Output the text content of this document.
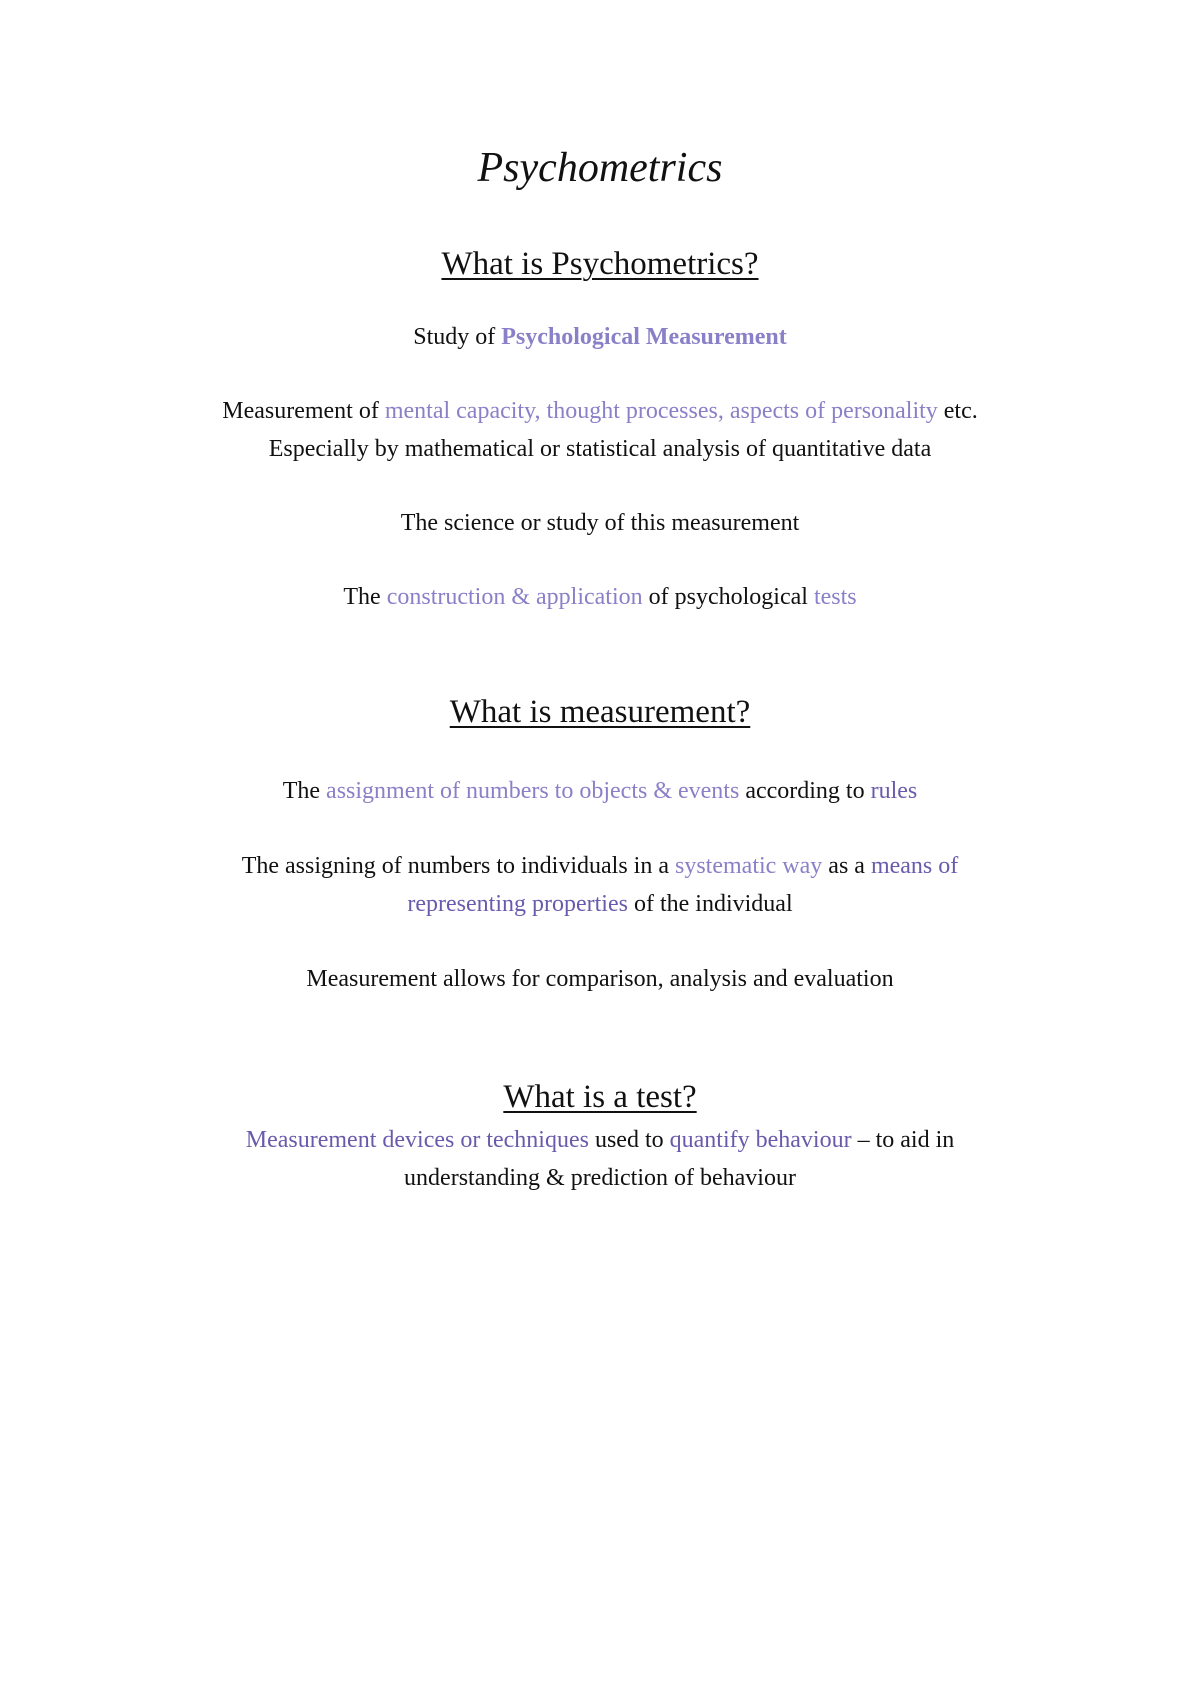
Psychometrics
What is Psychometrics?
Study of Psychological Measurement
Measurement of mental capacity, thought processes, aspects of personality etc.
Especially by mathematical or statistical analysis of quantitative data
The science or study of this measurement
The construction & application of psychological tests
What is measurement?
The assignment of numbers to objects & events according to rules
The assigning of numbers to individuals in a systematic way as a means of
representing properties of the individual
Measurement allows for comparison, analysis and evaluation
What is a test?
Measurement devices or techniques used to quantify behaviour – to aid in
understanding & prediction of behaviour
